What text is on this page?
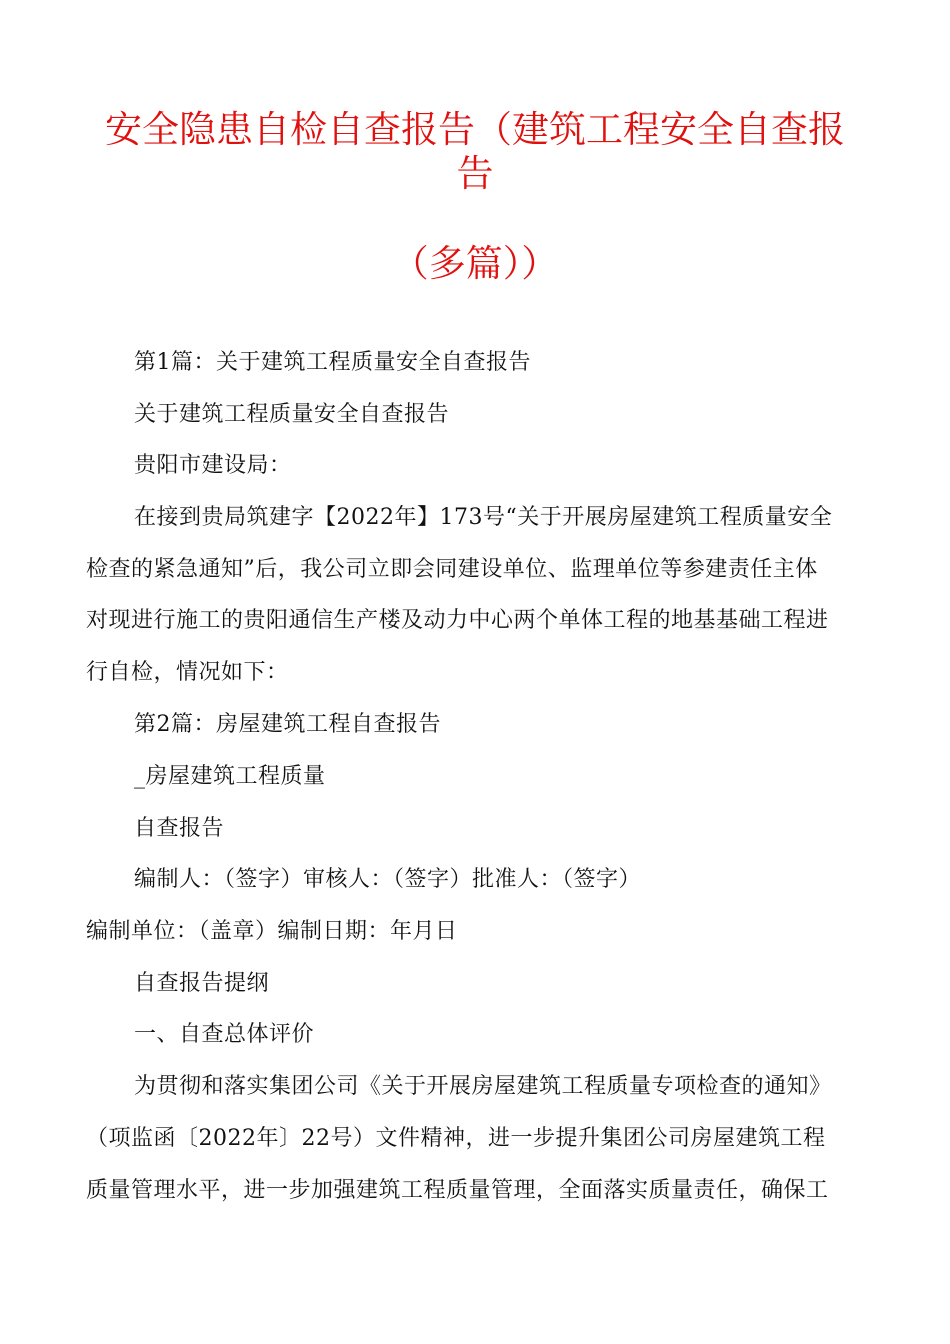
安全隐患自检自查报告（建筑工程安全自查报
告
（多篇））
第1篇：关于建筑工程质量安全自查报告
关于建筑工程质量安全自查报告
贵阳市建设局：
在接到贵局筑建字【2022年】173号“关于开展房屋建筑工程质量安全
检查的紧急通知”后，我公司立即会同建设单位、监理单位等参建责任主体
对现进行施工的贵阳通信生产楼及动力中心两个单体工程的地基基础工程进
行自检，情况如下：
第2篇：房屋建筑工程自查报告
_房屋建筑工程质量
自查报告
编制人：（签字）审核人：（签字）批准人：（签字）
编制单位：（盖章）编制日期：年月日
自查报告提纲
一、自查总体评价
为贯彻和落实集团公司《关于开展房屋建筑工程质量专项检查的通知》
（项监函〔2022年〕22号）文件精神，进一步提升集团公司房屋建筑工程
质量管理水平，进一步加强建筑工程质量管理，全面落实质量责任，确保工
